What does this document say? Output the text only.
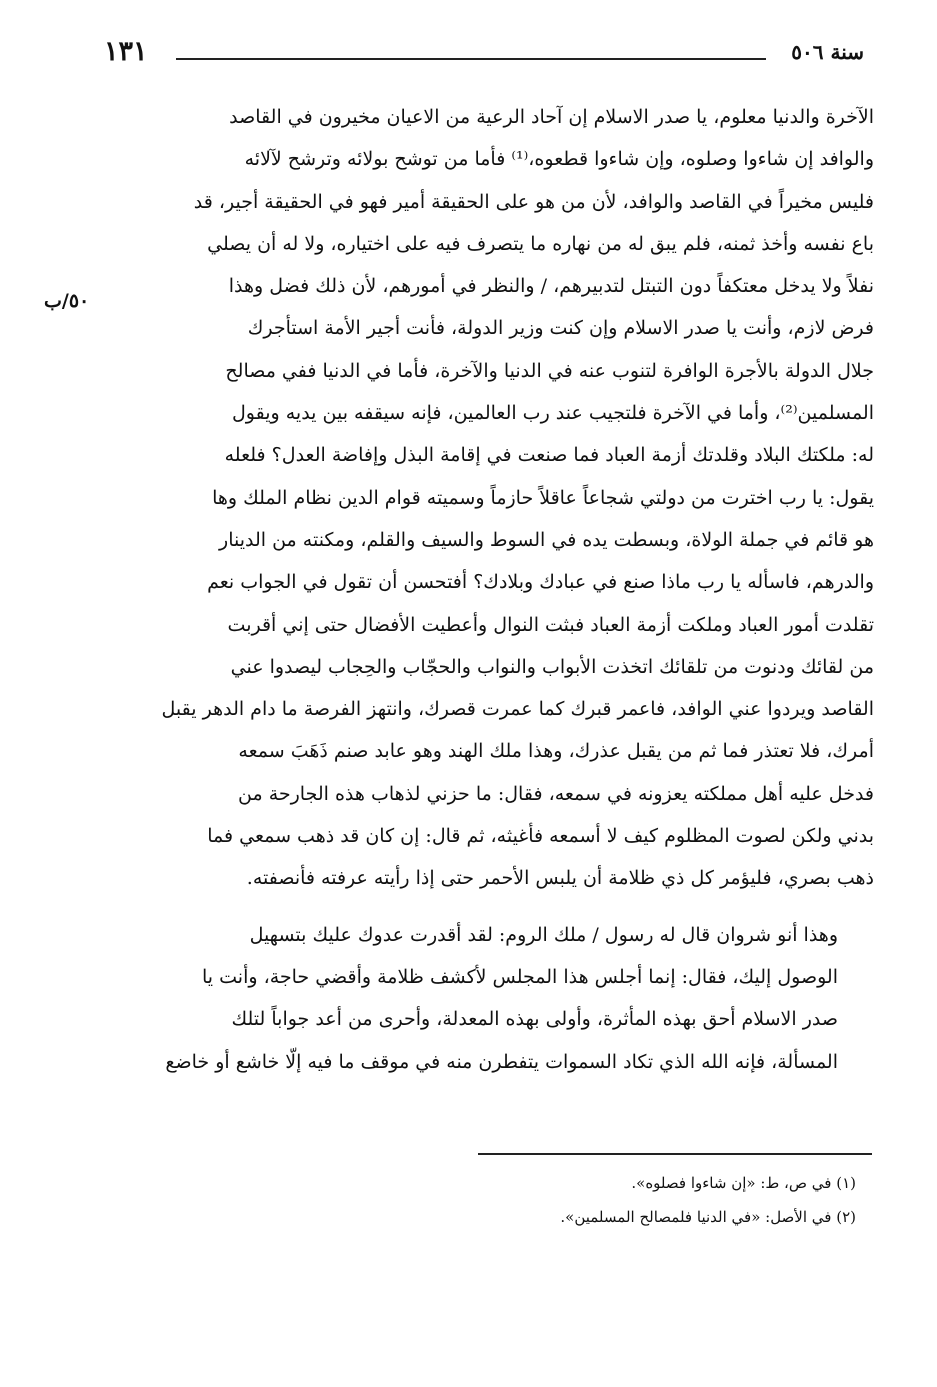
١٣١	سنة ٥٠٦
٥٠/ب
الآخرة والدنيا معلوم، يا صدر الاسلام إن آحاد الرعية من الاعيان مخيرون في القاصد
والوافد إن شاءوا وصلوه، وإن شاءوا قطعوه،⁽¹⁾ فأما من توشح بولائه وترشح لآلائه
فليس مخيراً في القاصد والوافد، لأن من هو على الحقيقة أمير فهو في الحقيقة أجير، قد
باع نفسه وأخذ ثمنه، فلم يبق له من نهاره ما يتصرف فيه على اختياره، ولا له أن يصلي
نفلاً ولا يدخل معتكفاً دون التبتل لتدبيرهم، / والنظر في أمورهم، لأن ذلك فضل وهذا
فرض لازم، وأنت يا صدر الاسلام وإن كنت وزير الدولة، فأنت أجير الأمة استأجرك
جلال الدولة بالأجرة الوافرة لتنوب عنه في الدنيا والآخرة، فأما في الدنيا ففي مصالح
المسلمين⁽²⁾، وأما في الآخرة فلتجيب عند رب العالمين، فإنه سيقفه بين يديه ويقول
له: ملكتك البلاد وقلدتك أزمة العباد فما صنعت في إقامة البذل وإفاضة العدل؟ فلعله
يقول: يا رب اخترت من دولتي شجاعاً عاقلاً حازماً وسميته قوام الدين نظام الملك وها
هو قائم في جملة الولاة، وبسطت يده في السوط والسيف والقلم، ومكنته من الدينار
والدرهم، فاسأله يا رب ماذا صنع في عبادك وبلادك؟ أفتحسن أن تقول في الجواب نعم
تقلدت أمور العباد وملكت أزمة العباد فبثت النوال وأعطيت الأفضال حتى إني أقربت
من لقائك ودنوت من تلقائك اتخذت الأبواب والنواب والحجّاب والحِجاب ليصدوا عني
القاصد ويردوا عني الوافد، فاعمر قبرك كما عمرت قصرك، وانتهز الفرصة ما دام الدهر يقبل
أمرك، فلا تعتذر فما ثم من يقبل عذرك، وهذا ملك الهند وهو عابد صنم ذَهَبَ سمعه
فدخل عليه أهل مملكته يعزونه في سمعه، فقال: ما حزني لذهاب هذه الجارحة من
بدني ولكن لصوت المظلوم كيف لا أسمعه فأغيثه، ثم قال: إن كان قد ذهب سمعي فما
ذهب بصري، فليؤمر كل ذي ظلامة أن يلبس الأحمر حتى إذا رأيته عرفته فأنصفته.
وهذا أنو شروان قال له رسول / ملك الروم: لقد أقدرت عدوك عليك بتسهيل
الوصول إليك، فقال: إنما أجلس هذا المجلس لأكشف ظلامة وأقضي حاجة، وأنت يا
صدر الاسلام أحق بهذه المأثرة، وأولى بهذه المعدلة، وأحرى من أعد جواباً لتلك
المسألة، فإنه الله الذي تكاد السموات يتفطرن منه في موقف ما فيه إلّا خاشع أو خاضع

(١) في ص، ط: «إن شاءوا فصلوه».

(٢) في الأصل: «في الدنيا فلمصالح المسلمين».
